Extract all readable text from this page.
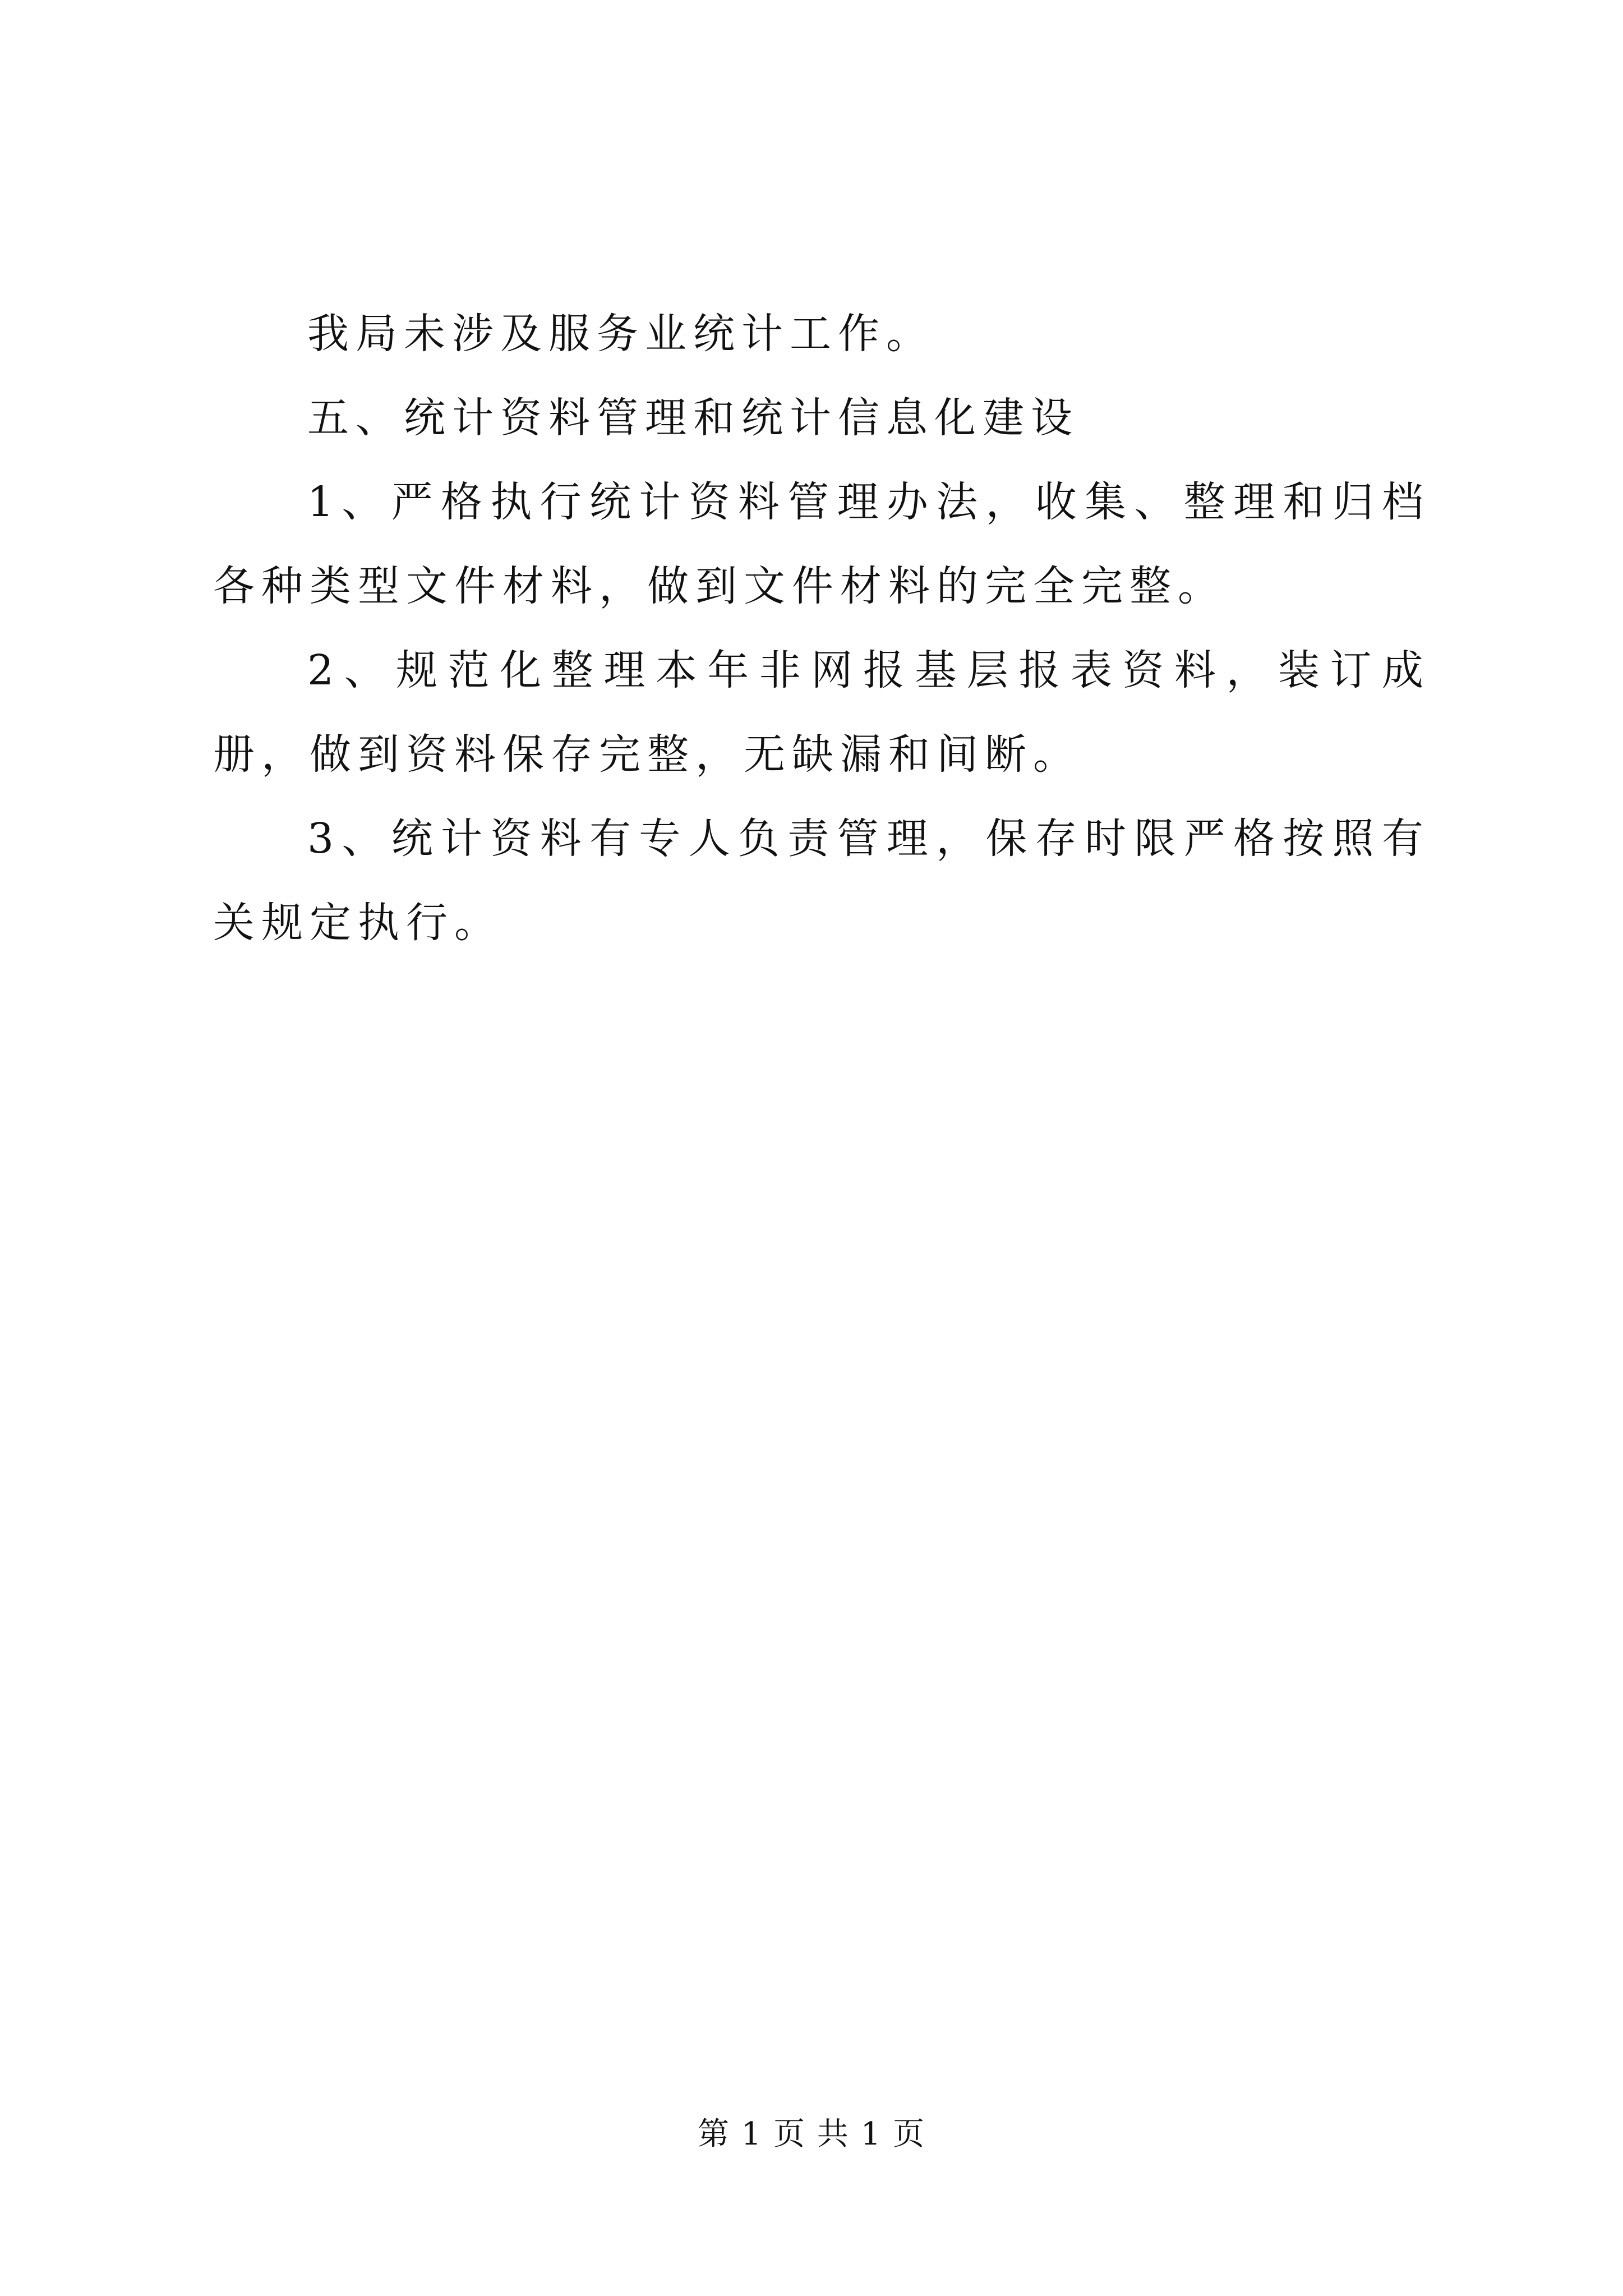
我局未涉及服务业统计工作。

五、统计资料管理和统计信息化建设

1、严格执行统计资料管理办法，收集、整理和归档各种类型文件材料，做到文件材料的完全完整。

2、规范化整理本年非网报基层报表资料，装订成册，做到资料保存完整，无缺漏和间断。

3、统计资料有专人负责管理，保存时限严格按照有关规定执行。

第 1 页 共 1 页
